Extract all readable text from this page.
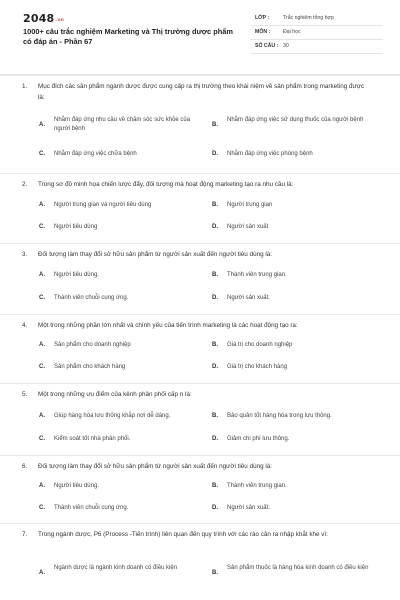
$2048^{.vn}$
1000+ câu trắc nghiệm Marketing và Thị trường dược phẩm có đáp án - Phần 67
LỚP :	Trắc nghiệm tổng hợp
MÔN : Đại học
SỐ CÂU : 30
1. Mục đích các sản phẩm ngành dược được cung cấp ra thị trường theo khái niệm về sản phẩm trong marketing được là:
A.
Nhằm đáp ứng nhu cầu về chăm sóc sức khỏe của người bệnh
B.
Nhằm đáp ứng việc sử dụng thuốc của người bệnh
C. Nhằm đáp ứng việc chữa bệnh	D. Nhằm đáp ứng việc phòng bệnh
2. Trong sơ đồ minh họa chiến lược đẩy, đối tượng mà hoạt động marketing tạo ra nhu cầu là:
A. Người trung gian và người tiêu dùng	B. Người trung gian
C. Người tiêu dùng	D. Người sản xuất
3. Đối tượng làm thay đổi sở hữu sản phẩm từ người sản xuất đến người tiêu dùng là:
A. Người tiêu dùng.	B. Thành viên trung gian.
C. Thành viên chuỗi cung ứng.	D. Người sản xuất.
4. Một trong những phần lớn nhất và chính yếu của tiến trình marketing là các hoạt động tạo ra:
A. Sản phẩm cho doanh nghiệp	B. Giá trị cho doanh nghiệp
C. Sản phẩm cho khách hàng	D. Giá trị cho khách hàng
5. Một trong những ưu điểm của kênh phân phối cấp n là:
A. Giúp hàng hóa lưu thông khắp nơi dễ dàng.	B. Bảo quản tốt hàng hóa trong lưu thông.
C. Kiểm soát tốt nhà phân phối.	D. Giảm chi phí lưu thông.
6. Đối tượng làm thay đổi sở hữu sản phẩm từ người sản xuất đến người tiêu dùng là:
A. Người tiêu dùng.	B. Thành viên trung gian.
C. Thành viên chuỗi cung ứng.	D. Người sản xuất.
7. Trong ngành dược, P6 (Process -Tiến trình) liên quan đến quy trình với các rào cản ra nhập khắt khe vì:
A.
Ngành dược là ngành kinh doanh có điều kiện
B.
Sản phẩm thuốc là hàng hóa kinh doanh có điều kiện
